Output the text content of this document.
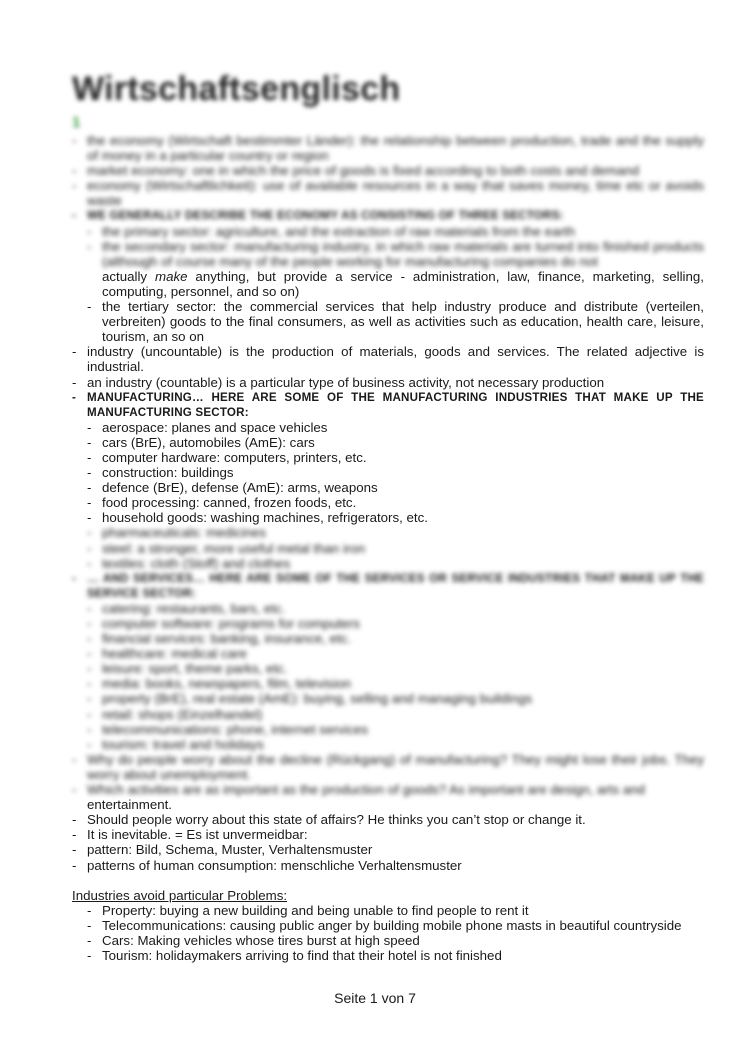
Wirtschaftsenglisch
1
- the economy (Wirtschaft bestimmter Länder): the relationship between production, trade and the supply of money in a particular country or region
- market economy: one in which the price of goods is fixed according to both costs and demand
- economy (Wirtschaftlichkeit): use of available resources in a way that saves money, time etc or avoids waste
- WE GENERALLY DESCRIBE THE ECONOMY AS CONSISTING OF THREE SECTORS:
- the primary sector: agriculture, and the extraction of raw materials from the earth
- the secondary sector: manufacturing industry, in which raw materials are turned into finished products (although of course many of the people working for manufacturing companies do not
actually make anything, but provide a service - administration, law, finance, marketing, selling, computing, personnel, and so on)
- the tertiary sector: the commercial services that help industry produce and distribute (verteilen, verbreiten) goods to the final consumers, as well as activities such as education, health care, leisure, tourism, an so on
- industry (uncountable) is the production of materials, goods and services. The related adjective is industrial.
- an industry (countable) is a particular type of business activity, not necessary production
- MANUFACTURING… HERE ARE SOME OF THE MANUFACTURING INDUSTRIES THAT MAKE UP THE MANUFACTURING SECTOR:
- aerospace: planes and space vehicles
- cars (BrE), automobiles (AmE): cars
- computer hardware: computers, printers, etc.
- construction: buildings
- defence (BrE), defense (AmE): arms, weapons
- food processing: canned, frozen foods, etc.
- household goods: washing machines, refrigerators, etc.
- pharmaceuticals: medicines
- steel: a stronger, more useful metal than iron
- textiles: cloth (Stoff) and clothes
- … AND SERVICES… HERE ARE SOME OF THE SERVICES OR SERVICE INDUSTRIES THAT MAKE UP THE SERVICE SECTOR:
- catering: restaurants, bars, etc.
- computer software: programs for computers
- financial services: banking, insurance, etc.
- healthcare: medical care
- leisure: sport, theme parks, etc.
- media: books, newspapers, film, television
- property (BrE), real estate (AmE): buying, selling and managing buildings
- retail: shops (Einzelhandel)
- telecommunications: phone, internet services
- tourism: travel and holidays
- Why do people worry about the decline (Rückgang) of manufacturing? They might lose their jobs. They worry about unemployment.
- Which activities are as important as the production of goods? As important are design, arts and
entertainment.
- Should people worry about this state of affairs? He thinks you can’t stop or change it.
- It is inevitable. = Es ist unvermeidbar:
- pattern: Bild, Schema, Muster, Verhaltensmuster
- patterns of human consumption: menschliche Verhaltensmuster
Industries avoid particular Problems:
- Property: buying a new building and being unable to find people to rent it
- Telecommunications: causing public anger by building mobile phone masts in beautiful countryside
- Cars: Making vehicles whose tires burst at high speed
- Tourism: holidaymakers arriving to find that their hotel is not finished
Seite 1 von 7
